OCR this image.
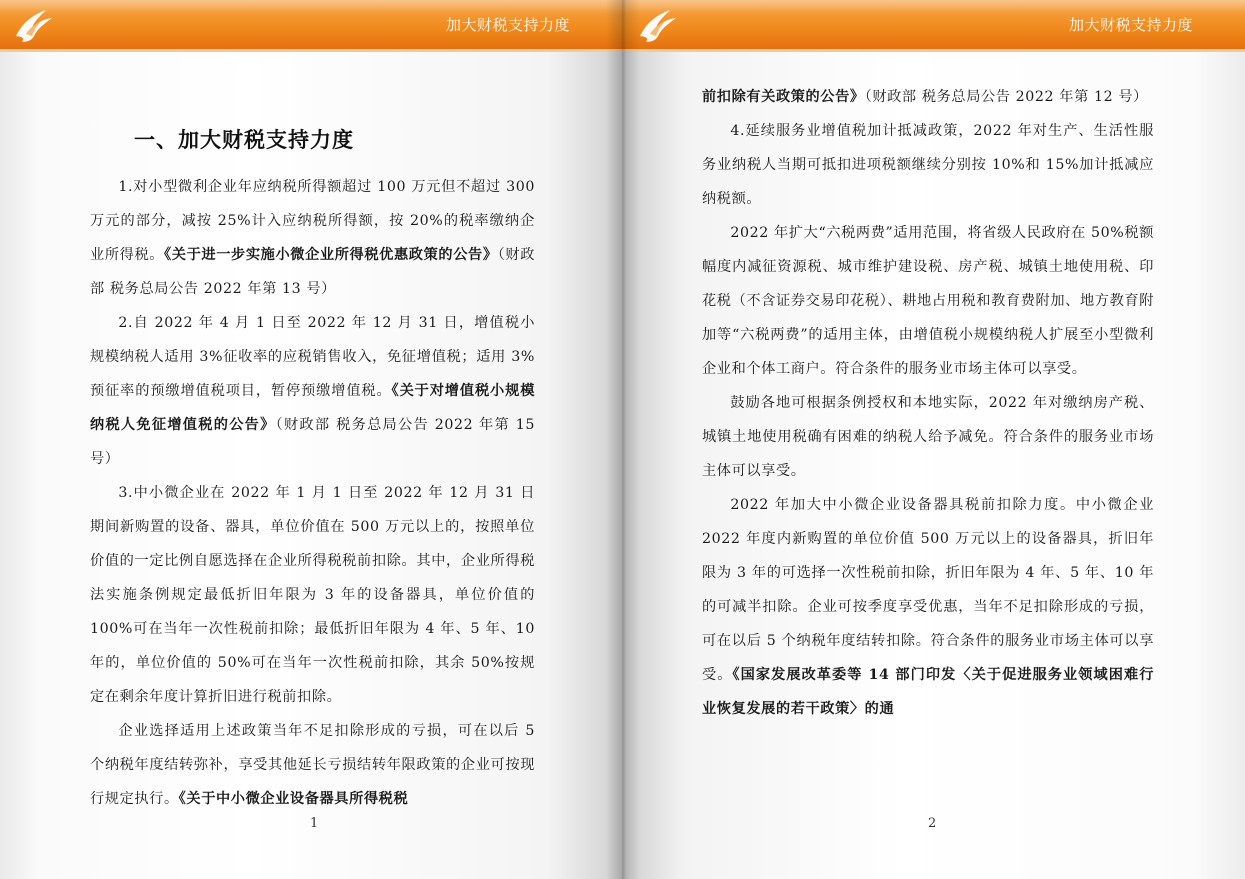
加大财税支持力度
一、加大财税支持力度

1.对小型微利企业年应纳税所得额超过 100 万元但不超过 300 万元的部分，减按 25%计入应纳税所得额，按 20%的税率缴纳企业所得税。《关于进一步实施小微企业所得税优惠政策的公告》（财政部 税务总局公告 2022 年第 13 号）

2.自 2022 年 4 月 1 日至 2022 年 12 月 31 日，增值税小规模纳税人适用 3%征收率的应税销售收入，免征增值税；适用 3%预征率的预缴增值税项目，暂停预缴增值税。《关于对增值税小规模纳税人免征增值税的公告》（财政部 税务总局公告 2022 年第 15 号）

3.中小微企业在 2022 年 1 月 1 日至 2022 年 12 月 31 日期间新购置的设备、器具，单位价值在 500 万元以上的，按照单位价值的一定比例自愿选择在企业所得税税前扣除。其中，企业所得税法实施条例规定最低折旧年限为 3 年的设备器具，单位价值的 100%可在当年一次性税前扣除；最低折旧年限为 4 年、5 年、10 年的，单位价值的 50%可在当年一次性税前扣除，其余 50%按规定在剩余年度计算折旧进行税前扣除。

企业选择适用上述政策当年不足扣除形成的亏损，可在以后 5 个纳税年度结转弥补，享受其他延长亏损结转年限政策的企业可按现行规定执行。《关于中小微企业设备器具所得税税

1
加大财税支持力度

前扣除有关政策的公告》（财政部 税务总局公告 2022 年第 12 号）

4.延续服务业增值税加计抵减政策，2022 年对生产、生活性服务业纳税人当期可抵扣进项税额继续分别按 10%和 15%加计抵减应纳税额。

2022 年扩大“六税两费”适用范围，将省级人民政府在 50%税额幅度内减征资源税、城市维护建设税、房产税、城镇土地使用税、印花税（不含证券交易印花税）、耕地占用税和教育费附加、地方教育附加等“六税两费”的适用主体，由增值税小规模纳税人扩展至小型微利企业和个体工商户。符合条件的服务业市场主体可以享受。

鼓励各地可根据条例授权和本地实际，2022 年对缴纳房产税、城镇土地使用税确有困难的纳税人给予减免。符合条件的服务业市场主体可以享受。

2022 年加大中小微企业设备器具税前扣除力度。中小微企业 2022 年度内新购置的单位价值 500 万元以上的设备器具，折旧年限为 3 年的可选择一次性税前扣除，折旧年限为 4 年、5 年、10 年的可减半扣除。企业可按季度享受优惠，当年不足扣除形成的亏损，可在以后 5 个纳税年度结转扣除。符合条件的服务业市场主体可以享受。《国家发展改革委等 14 部门印发〈关于促进服务业领域困难行业恢复发展的若干政策〉的通

2
